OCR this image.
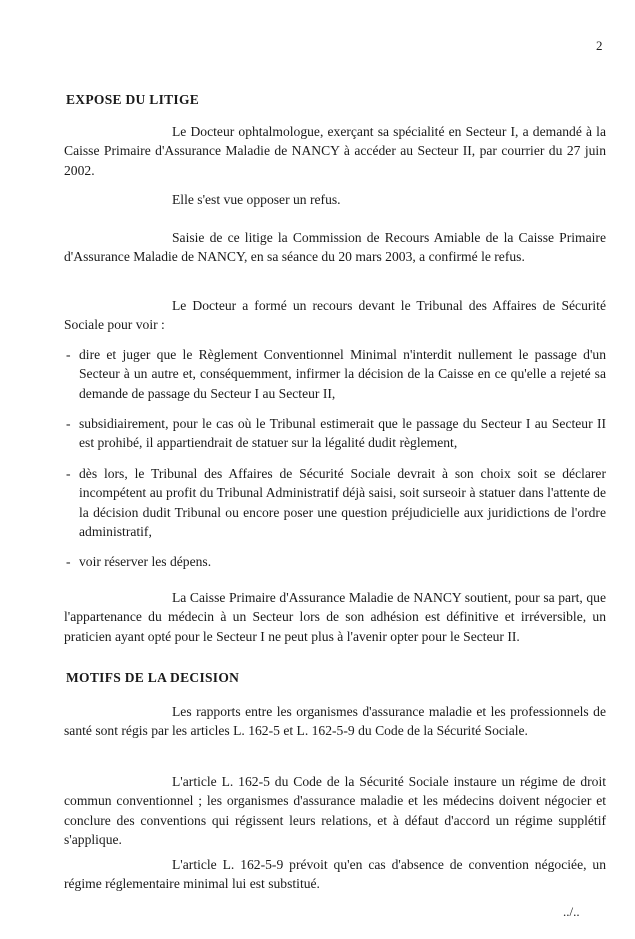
2
EXPOSE DU LITIGE
Le Docteur ophtalmologue, exerçant sa spécialité en Secteur I, a demandé à la Caisse Primaire d'Assurance Maladie de NANCY à accéder au Secteur II, par courrier du 27 juin 2002.
Elle s'est vue opposer un refus.
Saisie de ce litige la Commission de Recours Amiable de la Caisse Primaire d'Assurance Maladie de NANCY, en sa séance du 20 mars 2003, a confirmé le refus.
Le Docteur a formé un recours devant le Tribunal des Affaires de Sécurité Sociale pour voir :
- dire et juger que le Règlement Conventionnel Minimal n'interdit nullement le passage d'un Secteur à un autre et, conséquemment, infirmer la décision de la Caisse en ce qu'elle a rejeté sa demande de passage du Secteur I au Secteur II,
- subsidiairement, pour le cas où le Tribunal estimerait que le passage du Secteur I au Secteur II est prohibé, il appartiendrait de statuer sur la légalité dudit règlement,
- dès lors, le Tribunal des Affaires de Sécurité Sociale devrait à son choix soit se déclarer incompétent au profit du Tribunal Administratif déjà saisi, soit surseoir à statuer dans l'attente de la décision dudit Tribunal ou encore poser une question préjudicielle aux juridictions de l'ordre administratif,
- voir réserver les dépens.
La Caisse Primaire d'Assurance Maladie de NANCY soutient, pour sa part, que l'appartenance du médecin à un Secteur lors de son adhésion est définitive et irréversible, un praticien ayant opté pour le Secteur I ne peut plus à l'avenir opter pour le Secteur II.
MOTIFS DE LA DECISION
Les rapports entre les organismes d'assurance maladie et les professionnels de santé sont régis par les articles L. 162-5 et L. 162-5-9 du Code de la Sécurité Sociale.
L'article L. 162-5 du Code de la Sécurité Sociale instaure un régime de droit commun conventionnel ; les organismes d'assurance maladie et les médecins doivent négocier et conclure des conventions qui régissent leurs relations, et à défaut d'accord un régime supplétif s'applique.
L'article L. 162-5-9 prévoit qu'en cas d'absence de convention négociée, un régime réglementaire minimal lui est substitué.
../..
